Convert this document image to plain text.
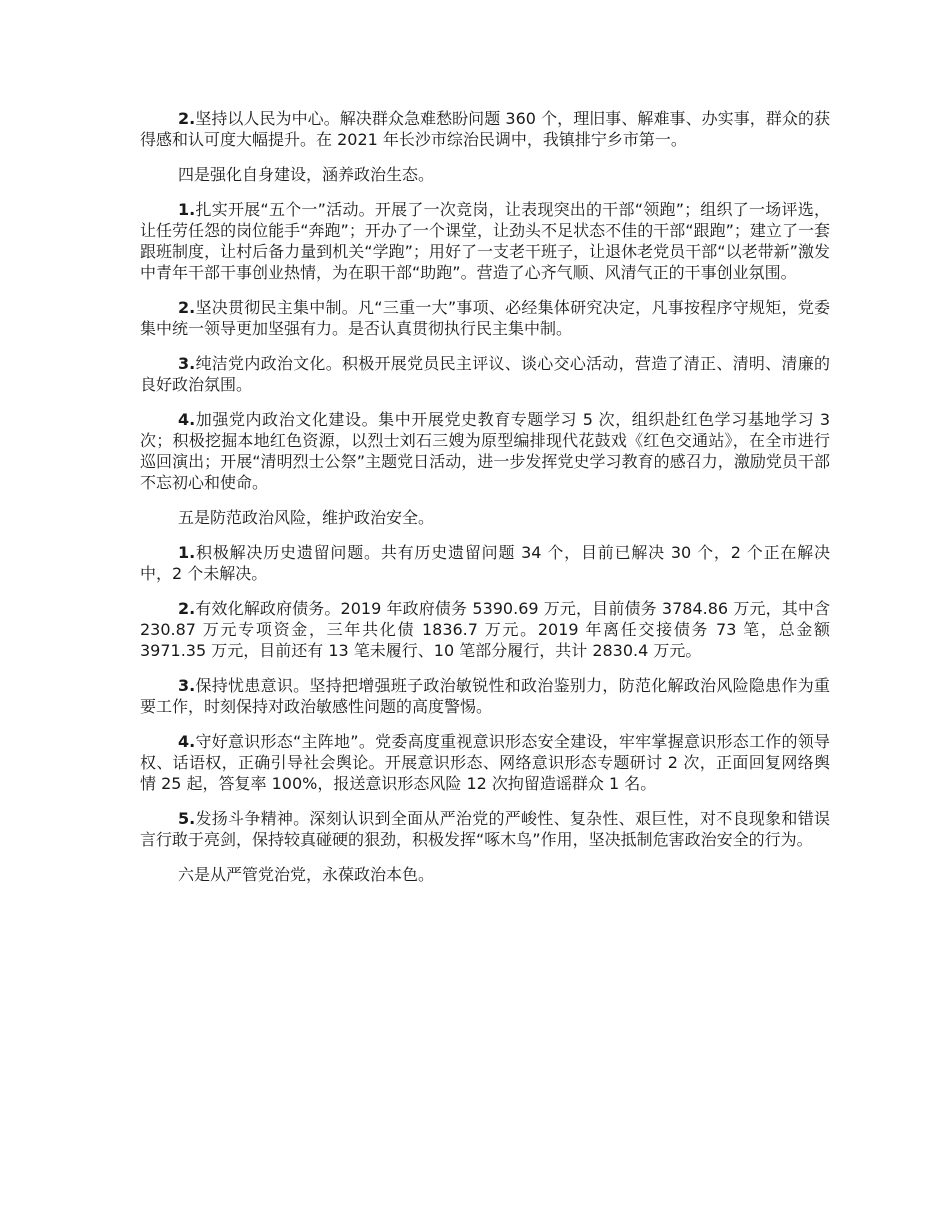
2.坚持以人民为中心。解决群众急难愁盼问题 360 个，理旧事、解难事、办实事，群众的获得感和认可度大幅提升。在 2021 年长沙市综治民调中，我镇排宁乡市第一。

四是强化自身建设，涵养政治生态。

1.扎实开展“五个一”活动。开展了一次竞岗，让表现突出的干部“领跑”；组织了一场评选，让任劳任怨的岗位能手“奔跑”；开办了一个课堂，让劲头不足状态不佳的干部“跟跑”；建立了一套跟班制度，让村后备力量到机关“学跑”；用好了一支老干班子，让退休老党员干部“以老带新”激发中青年干部干事创业热情，为在职干部“助跑”。营造了心齐气顺、风清气正的干事创业氛围。

2.坚决贯彻民主集中制。凡“三重一大”事项、必经集体研究决定，凡事按程序守规矩，党委集中统一领导更加坚强有力。是否认真贯彻执行民主集中制。

3.纯洁党内政治文化。积极开展党员民主评议、谈心交心活动，营造了清正、清明、清廉的良好政治氛围。

4.加强党内政治文化建设。集中开展党史教育专题学习 5 次，组织赴红色学习基地学习 3 次；积极挖掘本地红色资源，以烈士刘石三嫂为原型编排现代花鼓戏《红色交通站》，在全市进行巡回演出；开展“清明烈士公祭”主题党日活动，进一步发挥党史学习教育的感召力，激励党员干部不忘初心和使命。

五是防范政治风险，维护政治安全。

1.积极解决历史遗留问题。共有历史遗留问题 34 个，目前已解决 30 个，2 个正在解决中，2 个未解决。

2.有效化解政府债务。2019 年政府债务 5390.69 万元，目前债务 3784.86 万元，其中含 230.87 万元专项资金，三年共化债 1836.7 万元。2019 年离任交接债务 73 笔，总金额 3971.35 万元，目前还有 13 笔未履行、10 笔部分履行，共计 2830.4 万元。

3.保持忧患意识。坚持把增强班子政治敏锐性和政治鉴别力，防范化解政治风险隐患作为重要工作，时刻保持对政治敏感性问题的高度警惕。

4.守好意识形态“主阵地”。党委高度重视意识形态安全建设，牢牢掌握意识形态工作的领导权、话语权，正确引导社会舆论。开展意识形态、网络意识形态专题研讨 2 次，正面回复网络舆情 25 起，答复率 100%，报送意识形态风险 12 次拘留造谣群众 1 名。

5.发扬斗争精神。深刻认识到全面从严治党的严峻性、复杂性、艰巨性，对不良现象和错误言行敢于亮剑，保持较真碰硬的狠劲，积极发挥“啄木鸟”作用，坚决抵制危害政治安全的行为。

六是从严管党治党，永葆政治本色。
